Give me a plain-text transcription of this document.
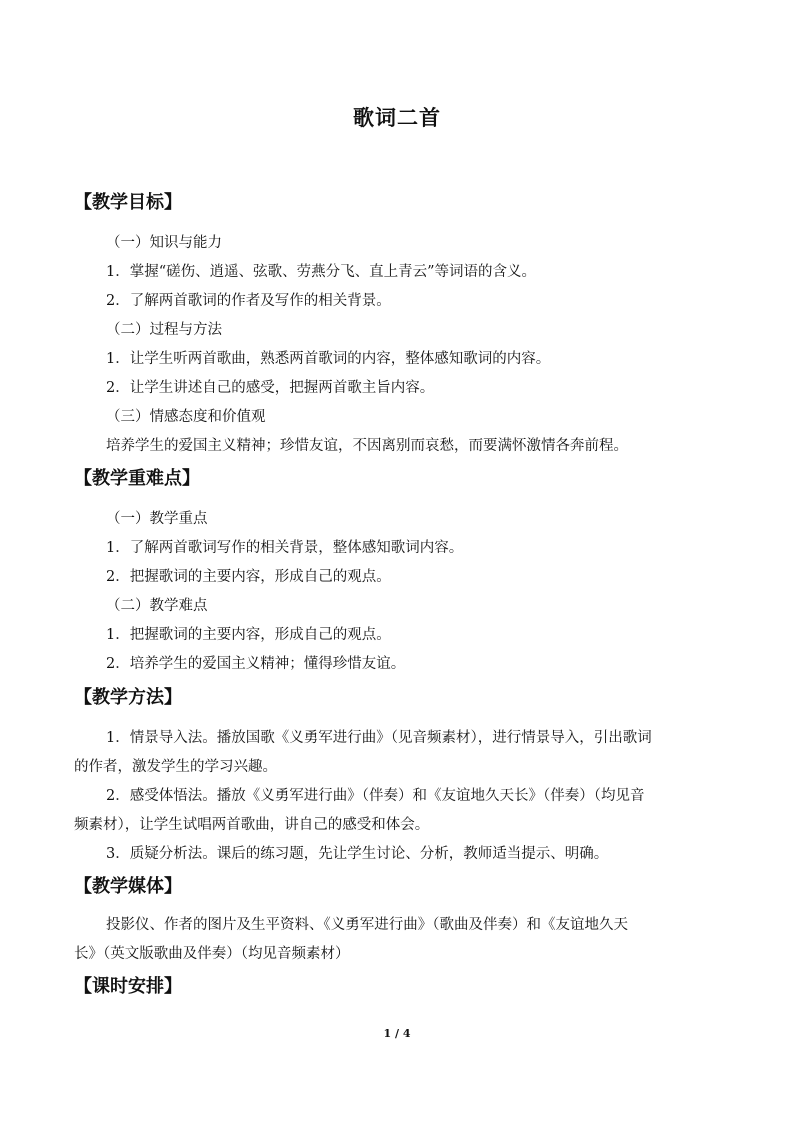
歌词二首
【教学目标】
（一）知识与能力
1．掌握“磋伤、逍遥、弦歌、劳燕分飞、直上青云”等词语的含义。
2．了解两首歌词的作者及写作的相关背景。
（二）过程与方法
1．让学生听两首歌曲，熟悉两首歌词的内容，整体感知歌词的内容。
2．让学生讲述自己的感受，把握两首歌主旨内容。
（三）情感态度和价值观
培养学生的爱国主义精神；珍惜友谊，不因离别而哀愁，而要满怀激情各奔前程。
【教学重难点】
（一）教学重点
1．了解两首歌词写作的相关背景，整体感知歌词内容。
2．把握歌词的主要内容，形成自己的观点。
（二）教学难点
1．把握歌词的主要内容，形成自己的观点。
2．培养学生的爱国主义精神；懂得珍惜友谊。
【教学方法】
1．情景导入法。播放国歌《义勇军进行曲》（见音频素材），进行情景导入，引出歌词
的作者，激发学生的学习兴趣。
2．感受体悟法。播放《义勇军进行曲》（伴奏）和《友谊地久天长》（伴奏）（均见音
频素材），让学生试唱两首歌曲，讲自己的感受和体会。
3．质疑分析法。课后的练习题，先让学生讨论、分析，教师适当提示、明确。
【教学媒体】
投影仪、作者的图片及生平资料、《义勇军进行曲》（歌曲及伴奏）和《友谊地久天
长》（英文版歌曲及伴奏）（均见音频素材）
【课时安排】
1 / 4
